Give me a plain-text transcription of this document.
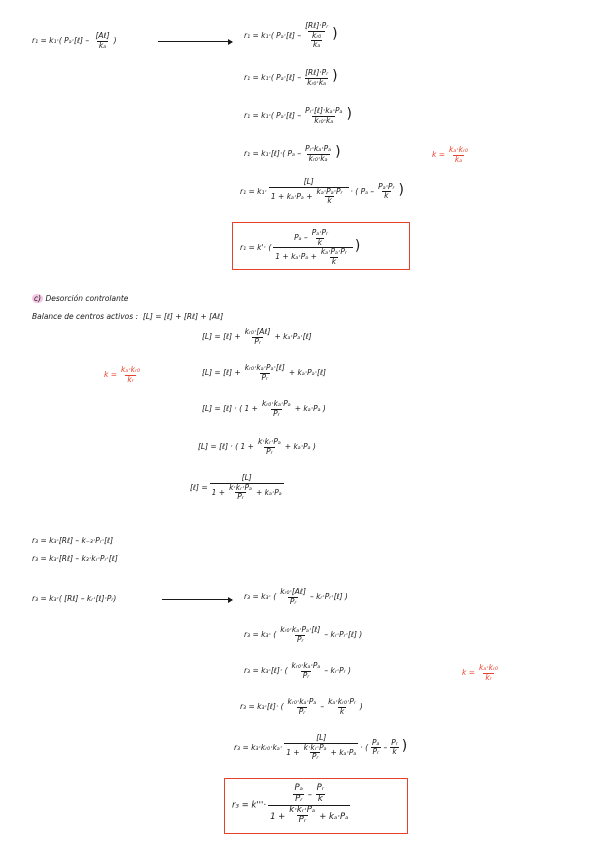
r₁ = k₁·( Pₐ·[ℓ] – $\frac{\text{[Aℓ]}}{\text{kₐ}}$ )
r₁ = k₁·( Pₐ·[ℓ] – $\frac{\text{[Rℓ]·Pᵣ}}{\frac{\text{kᵣ₀}}{\text{kₐ}}}$ )
r₁ = k₁·( Pₐ·[ℓ] – $\frac{\text{[Rℓ]·Pᵣ}}{\text{kᵣ₀·kₐ}}$ )
r₁ = k₁·( Pₐ·[ℓ] – $\frac{\text{Pᵣ·[ℓ]·kₐ·Pₐ}}{\text{kᵣ₀·kₐ}}$ )
r₁ = k₁·[ℓ]·( Pₐ – $\frac{\text{Pᵣ·kₐ·Pₐ}}{\text{kᵣ₀·kₐ}}$ )	$k = \frac{\text{kₐ·kᵣ₀}}{\text{kₐ}}$
$r_1 = k_1\cdot \frac{[L]}{1 + k_a\cdot P_a + \frac{\text{kₐ·Pₐ·Pᵣ}}{k}}$ · ( Pₐ – $\frac{\text{Pₐ·Pᵣ}}{k}$ )
r₁ = k'· ( $\frac{P_a - \frac{\text{Pₐ·Pᵣ}}{k}}{1 + k_a\cdot P_a + \frac{\text{kₐ·Pₐ·Pᵣ}}{k}}$ )
c) Desorción controlante
Balance de centros activos : [L] = [ℓ] + [Rℓ] + [Aℓ]
[L] = [ℓ] + $\frac{\text{kᵣ₀·[Aℓ]}}{\text{Pᵣ}}$ + kₐ·Pₐ·[ℓ]
$k = \frac{\text{kₐ·kᵣ₀}}{\text{kᵣ}}$	[L] = [ℓ] + $\frac{\text{kᵣ₀·kₐ·Pₐ·[ℓ]}}{\text{Pᵣ}}$ + kₐ·Pₐ·[ℓ]
[L] = [ℓ] · ( $1 + \frac{\text{kᵣ₀·kₐ·Pₐ}}{\text{Pᵣ}} + k_a\cdot P_a$ )
[L] = [ℓ] · ( $1 + \frac{\text{k·kᵣ·Pₐ}}{\text{Pᵣ}} + k_a\cdot P_a$ )
[ℓ] = $\frac{[L]}{1 + \frac{\text{k·kᵣ·Pₐ}}{\text{Pᵣ}} + k_a\cdot P_a}$
r₃ = k₃·[Rℓ] – k₋₃·Pᵣ·[ℓ]
r₃ = k₃·[Rℓ] – k₃·kᵣ·Pᵣ·[ℓ]
r₃ = k₃·( [Rℓ] – kᵣ·[ℓ]·Pᵣ)	r₃ = k₃· ( $\frac{\text{kᵣ₀·[Aℓ]}}{\text{Pᵣ}}$ – kᵣ·Pᵣ·[ℓ] )
r₃ = k₃· ( $\frac{\text{kᵣ₀·kₐ·Pₐ·[ℓ]}}{\text{Pᵣ}}$ – kᵣ·Pᵣ·[ℓ] )
r₃ = k₃·[ℓ]· ( $\frac{\text{kᵣ₀·kₐ·Pₐ}}{\text{Pᵣ}}$ – kᵣ·Pᵣ )	$k = \frac{\text{kₐ·kᵣ₀}}{\text{kᵣ}}$
r₃ = k₃·[ℓ]· ( $\frac{\text{kᵣ₀·kₐ·Pₐ}}{\text{Pᵣ}} - \frac{\text{kₐ·kᵣ₀·Pᵣ}}{k}$ )
r₃ = k₃·kᵣ₀·kₐ· $\frac{[L]}{1 + \frac{\text{k·kᵣ·Pₐ}}{\text{Pᵣ}} + k_a\cdot P_a}$ · ( $\frac{\text{Pₐ}}{\text{Pᵣ}} - \frac{\text{Pᵣ}}{k}$ )
$r_3 = k'''\cdot \frac{\frac{\text{Pₐ}}{\text{Pᵣ}} - \frac{\text{Pᵣ}}{k}}{1 + \frac{\text{k·kᵣ·Pₐ}}{\text{Pᵣ}} + k_a\cdot P_a}$
